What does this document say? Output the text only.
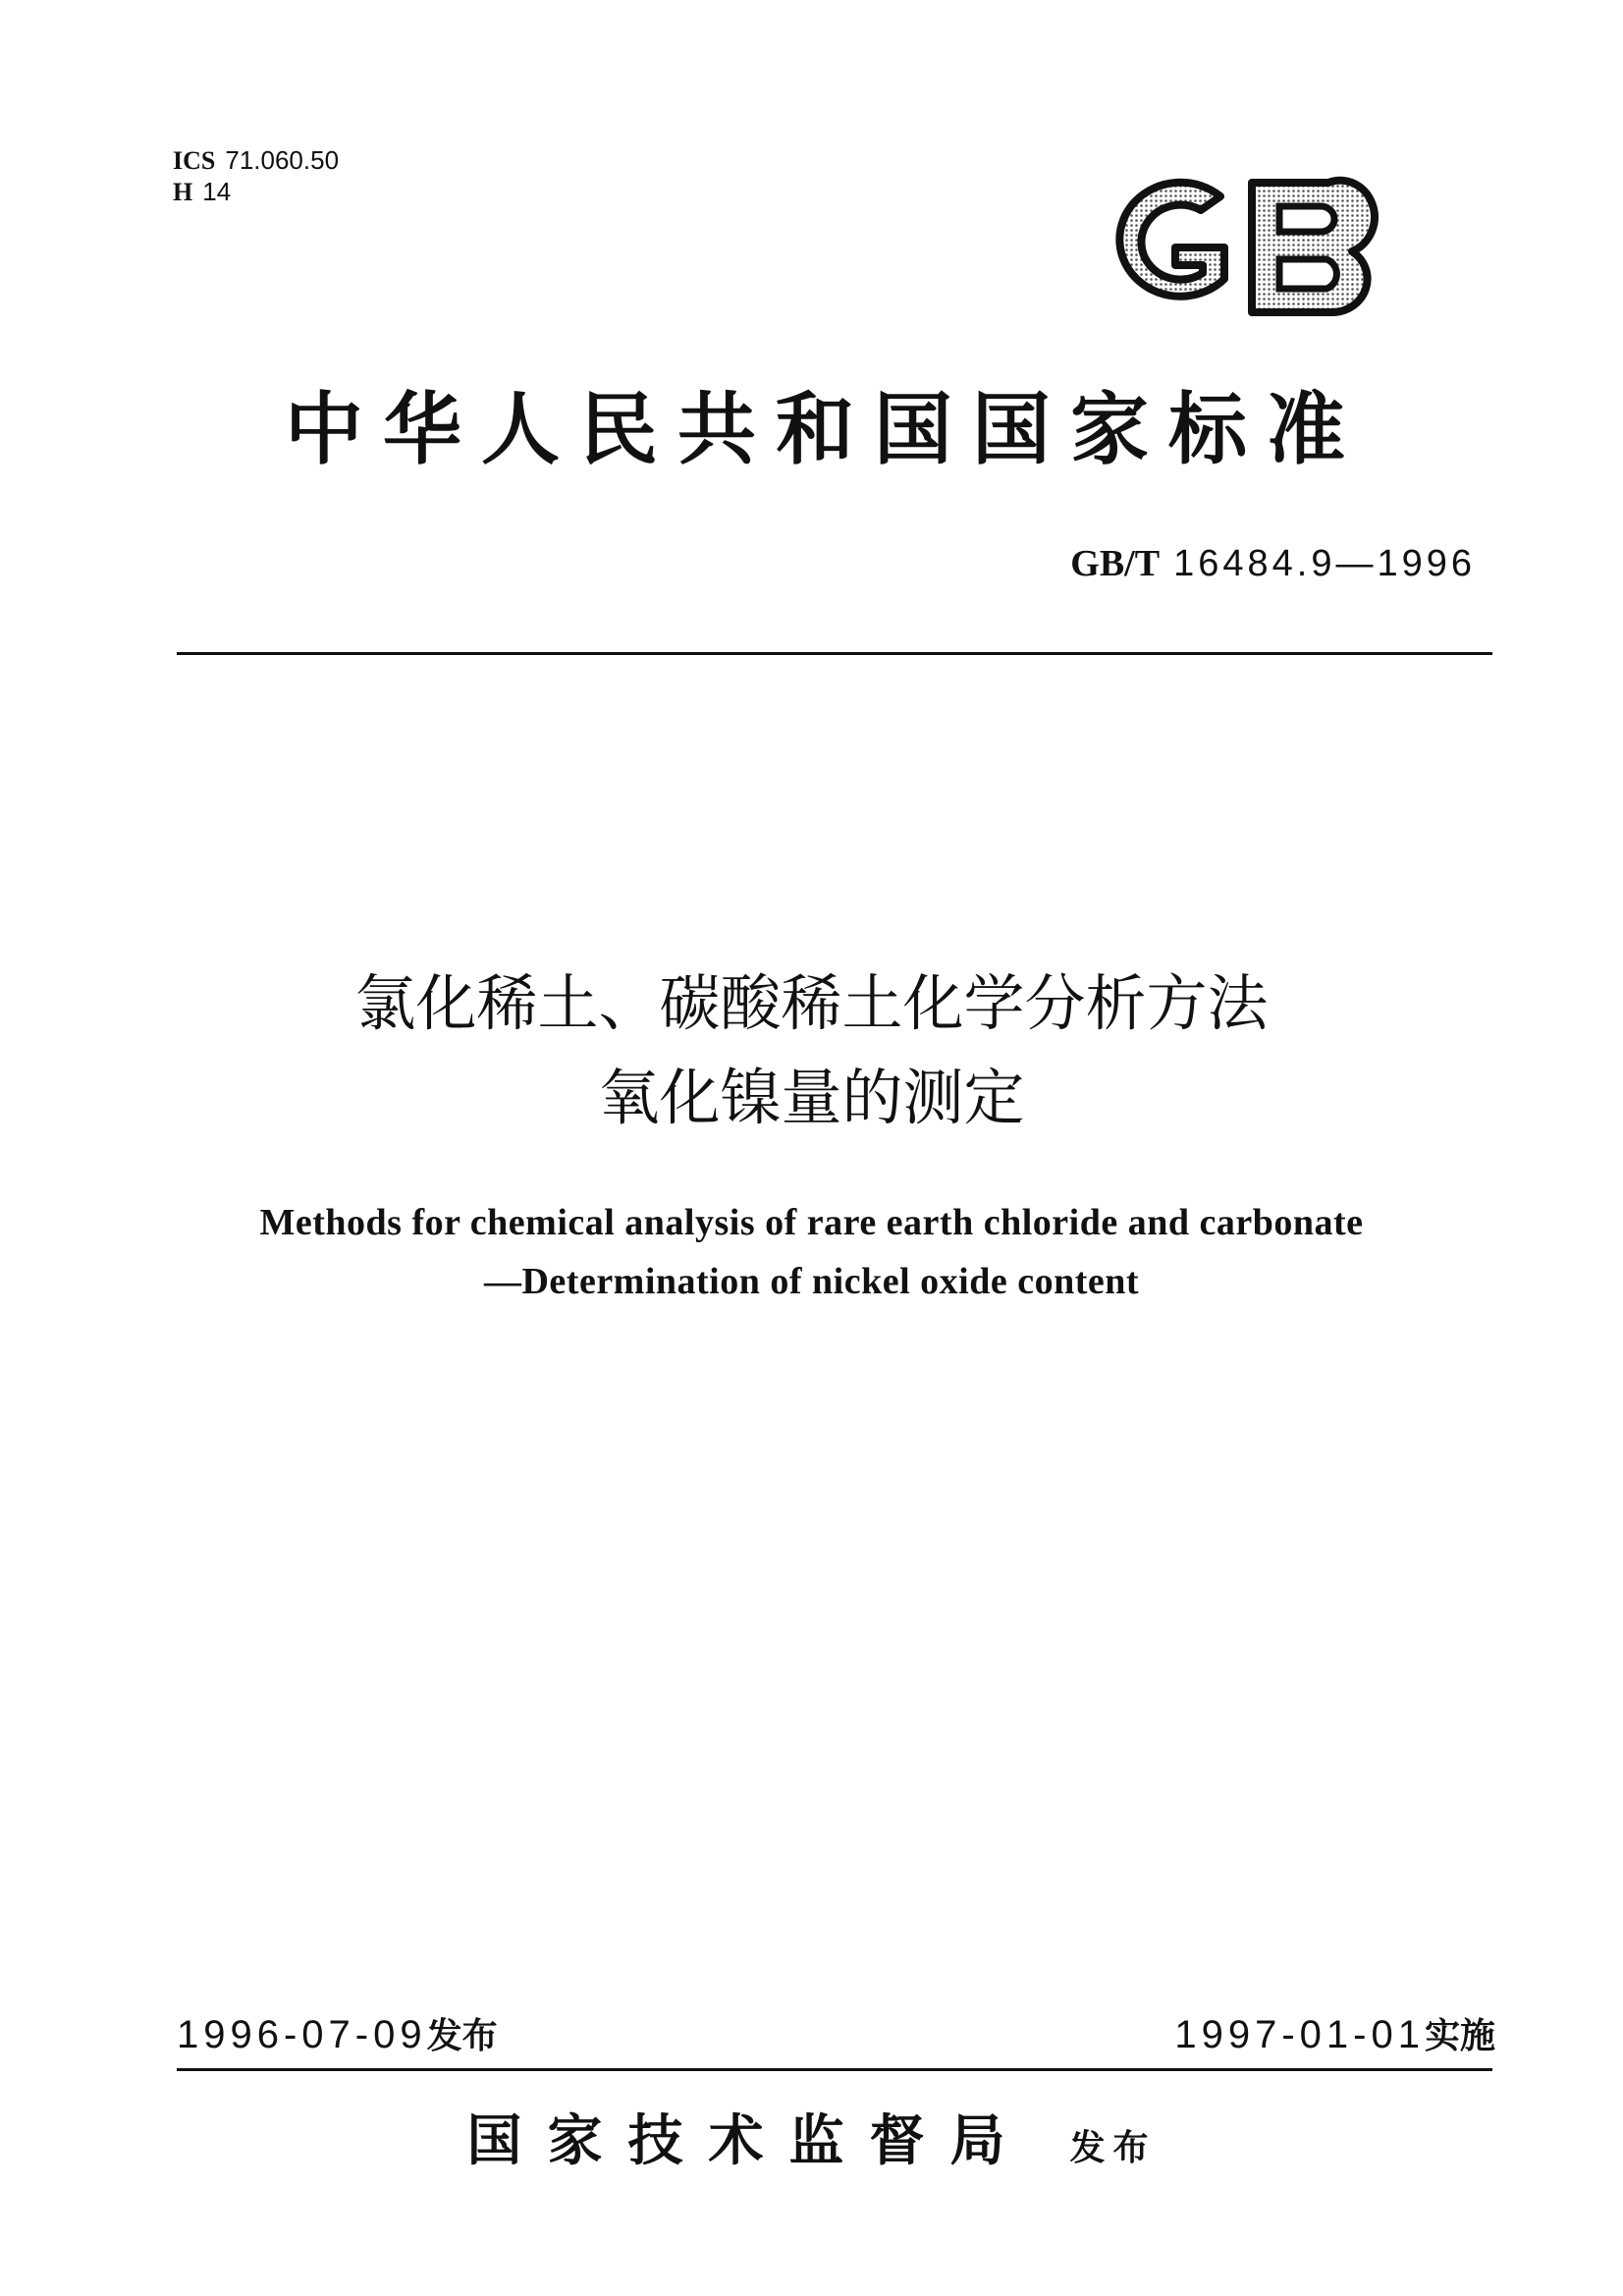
ICS 71.060.50
H 14
中华人民共和国国家标准
GB/T 16484.9—1996
氯化稀土、碳酸稀土化学分析方法
氧化镍量的测定
Methods for chemical analysis of rare earth chloride and carbonate
—Determination of nickel oxide content
1996-07-09发布	1997-01-01实施
国家技术监督局 发布
